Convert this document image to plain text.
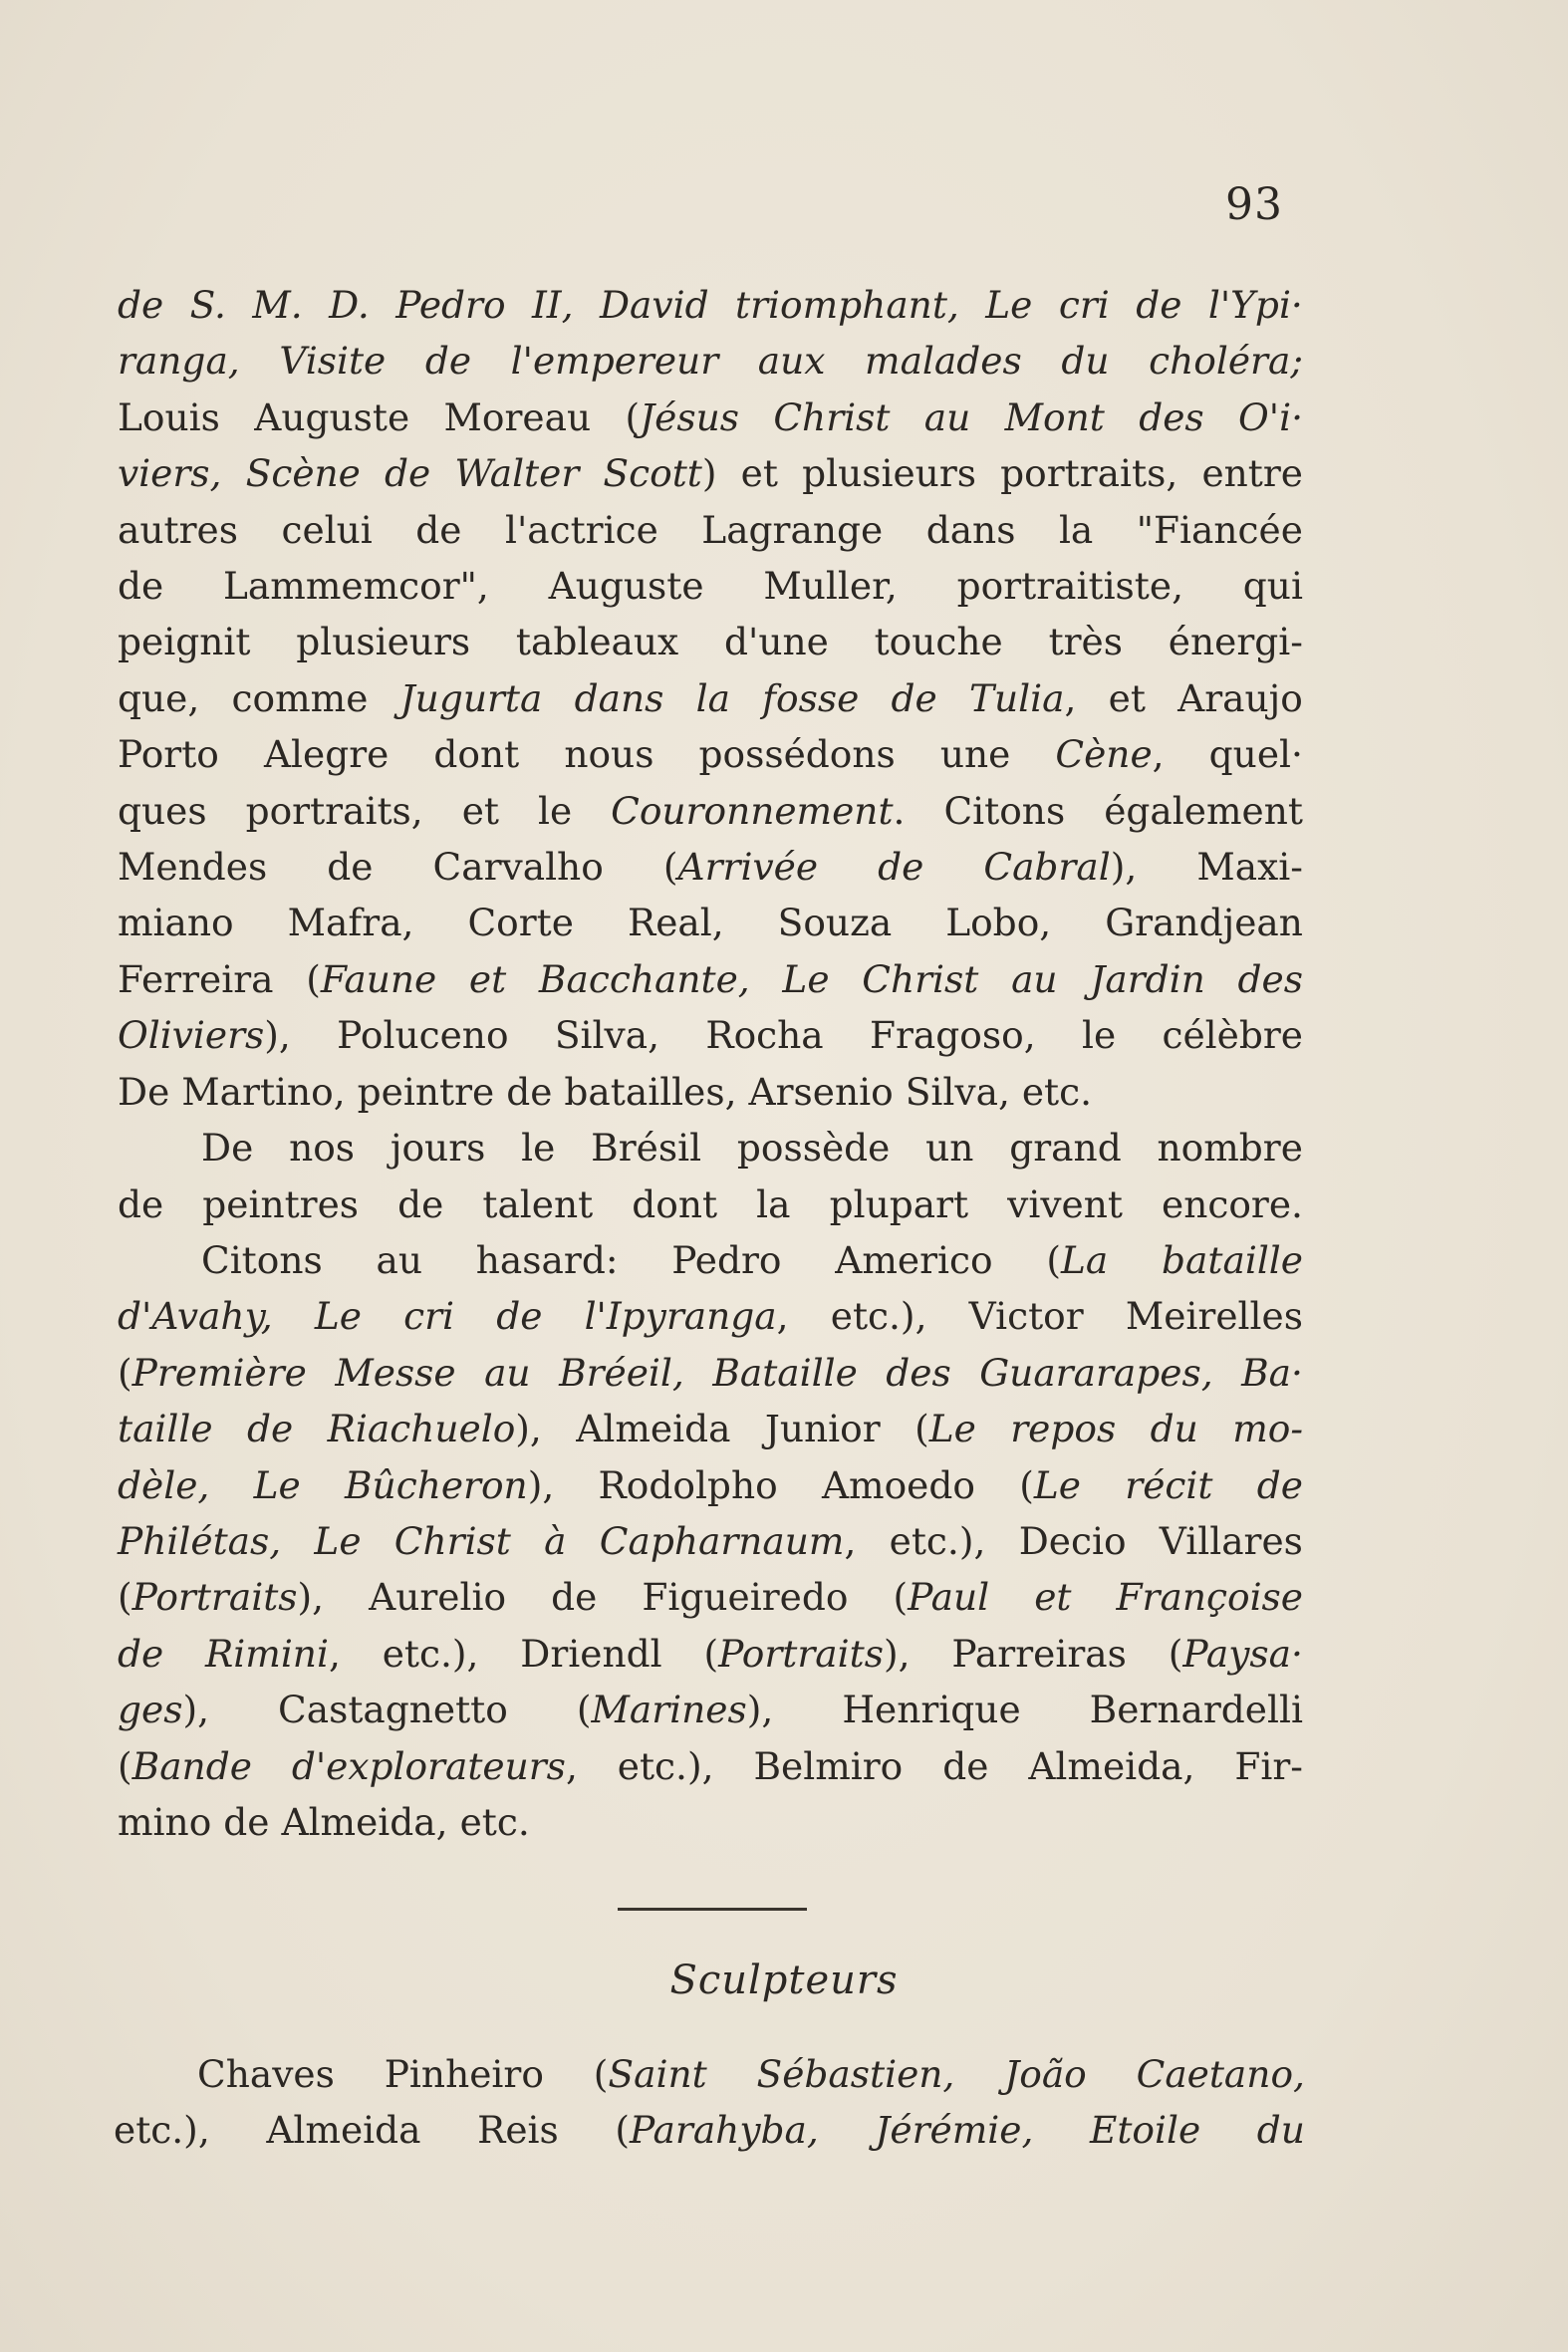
93
de S. M. D. Pedro II, David triomphant, Le cri de l'Ypi·
ranga, Visite de l'empereur aux malades du choléra;
Louis Auguste Moreau (Jésus Christ au Mont des O'i·
viers, Scène de Walter Scott) et plusieurs portraits, entre
autres celui de l'actrice Lagrange dans la "Fiancée
de Lammemcor", Auguste Muller, portraitiste, qui
peignit plusieurs tableaux d'une touche très énergi-
que, comme Jugurta dans la fosse de Tulia, et Araujo
Porto Alegre dont nous possédons une Cène, quel·
ques portraits, et le Couronnement. Citons également
Mendes de Carvalho (Arrivée de Cabral), Maxi-
miano Mafra, Corte Real, Souza Lobo, Grandjean
Ferreira (Faune et Bacchante, Le Christ au Jardin des
Oliviers), Poluceno Silva, Rocha Fragoso, le célèbre
De Martino, peintre de batailles, Arsenio Silva, etc.
De nos jours le Brésil possède un grand nombre
de peintres de talent dont la plupart vivent encore.
Citons au hasard: Pedro Americo (La bataille
d'Avahy, Le cri de l'Ipyranga, etc.), Victor Meirelles
(Première Messe au Bréeil, Bataille des Guararapes, Ba·
taille de Riachuelo), Almeida Junior (Le repos du mo-
dèle, Le Bûcheron), Rodolpho Amoedo (Le récit de
Philétas, Le Christ à Capharnaum, etc.), Decio Villares
(Portraits), Aurelio de Figueiredo (Paul et Françoise
de Rimini, etc.), Driendl (Portraits), Parreiras (Paysa·
ges), Castagnetto (Marines), Henrique Bernardelli
(Bande d'explorateurs, etc.), Belmiro de Almeida, Fir-
mino de Almeida, etc.
Sculpteurs
Chaves Pinheiro (Saint Sébastien, João Caetano,
etc.), Almeida Reis (Parahyba, Jérémie, Etoile du
